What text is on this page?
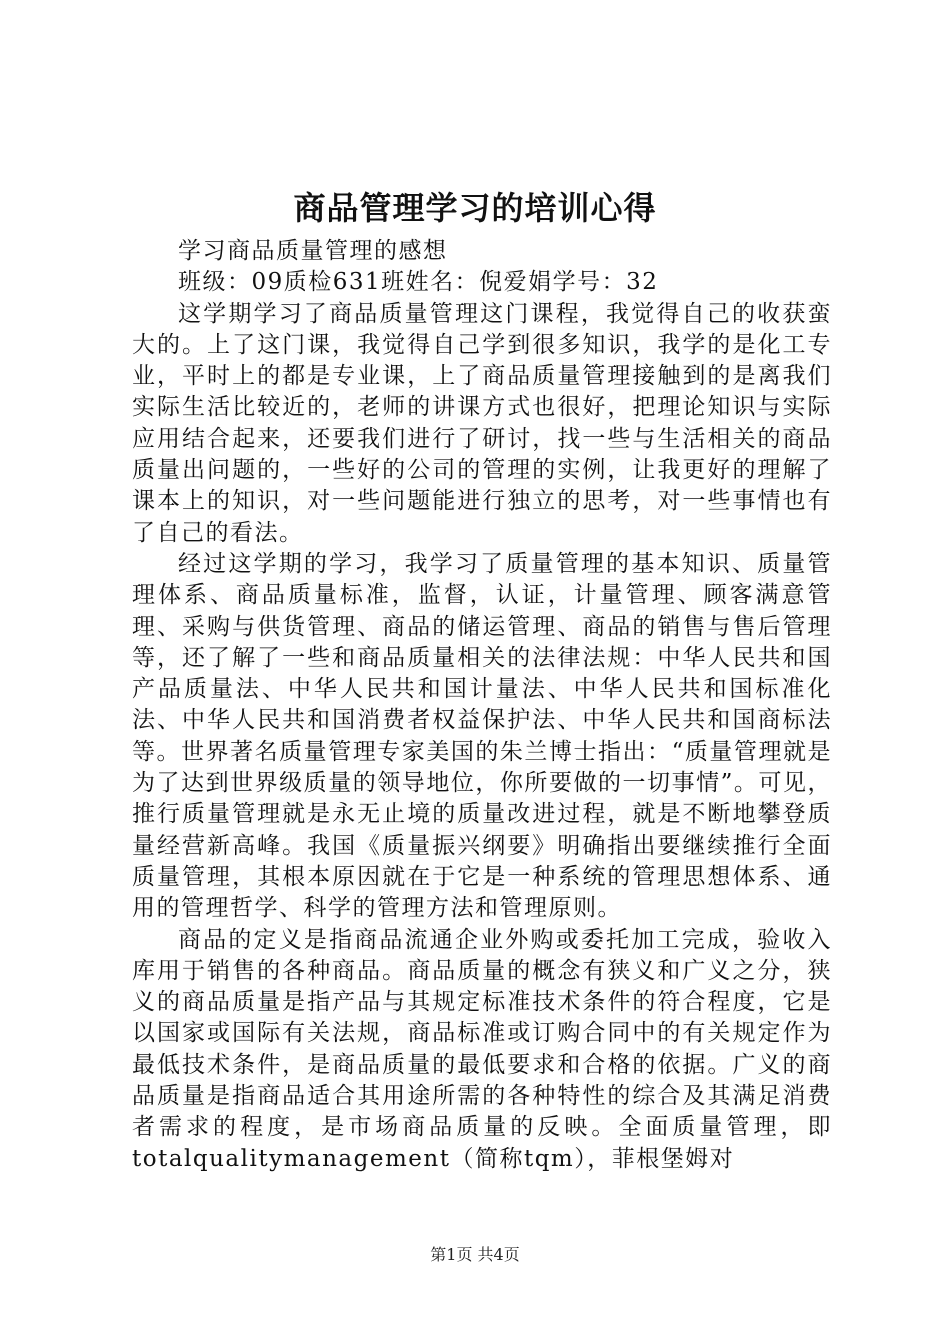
商品管理学习的培训心得

学习商品质量管理的感想

班级：09质检631班姓名：倪爱娟学号：32

这学期学习了商品质量管理这门课程，我觉得自己的收获蛮大的。上了这门课，我觉得自己学到很多知识，我学的是化工专业，平时上的都是专业课，上了商品质量管理接触到的是离我们实际生活比较近的，老师的讲课方式也很好，把理论知识与实际应用结合起来，还要我们进行了研讨，找一些与生活相关的商品质量出问题的，一些好的公司的管理的实例，让我更好的理解了课本上的知识，对一些问题能进行独立的思考，对一些事情也有了自己的看法。

经过这学期的学习，我学习了质量管理的基本知识、质量管理体系、商品质量标准，监督，认证，计量管理、顾客满意管理、采购与供货管理、商品的储运管理、商品的销售与售后管理等，还了解了一些和商品质量相关的法律法规：中华人民共和国产品质量法、中华人民共和国计量法、中华人民共和国标准化法、中华人民共和国消费者权益保护法、中华人民共和国商标法等。世界著名质量管理专家美国的朱兰博士指出：“质量管理就是为了达到世界级质量的领导地位，你所要做的一切事情”。可见，推行质量管理就是永无止境的质量改进过程，就是不断地攀登质量经营新高峰。我国《质量振兴纲要》明确指出要继续推行全面质量管理，其根本原因就在于它是一种系统的管理思想体系、通用的管理哲学、科学的管理方法和管理原则。

商品的定义是指商品流通企业外购或委托加工完成，验收入库用于销售的各种商品。商品质量的概念有狭义和广义之分，狭义的商品质量是指产品与其规定标准技术条件的符合程度，它是以国家或国际有关法规，商品标准或订购合同中的有关规定作为最低技术条件，是商品质量的最低要求和合格的依据。广义的商品质量是指商品适合其用途所需的各种特性的综合及其满足消费者需求的程度，是市场商品质量的反映。全面质量管理，即totalqualitymanagement（简称tqm），菲根堡姆对

第1页 共4页
